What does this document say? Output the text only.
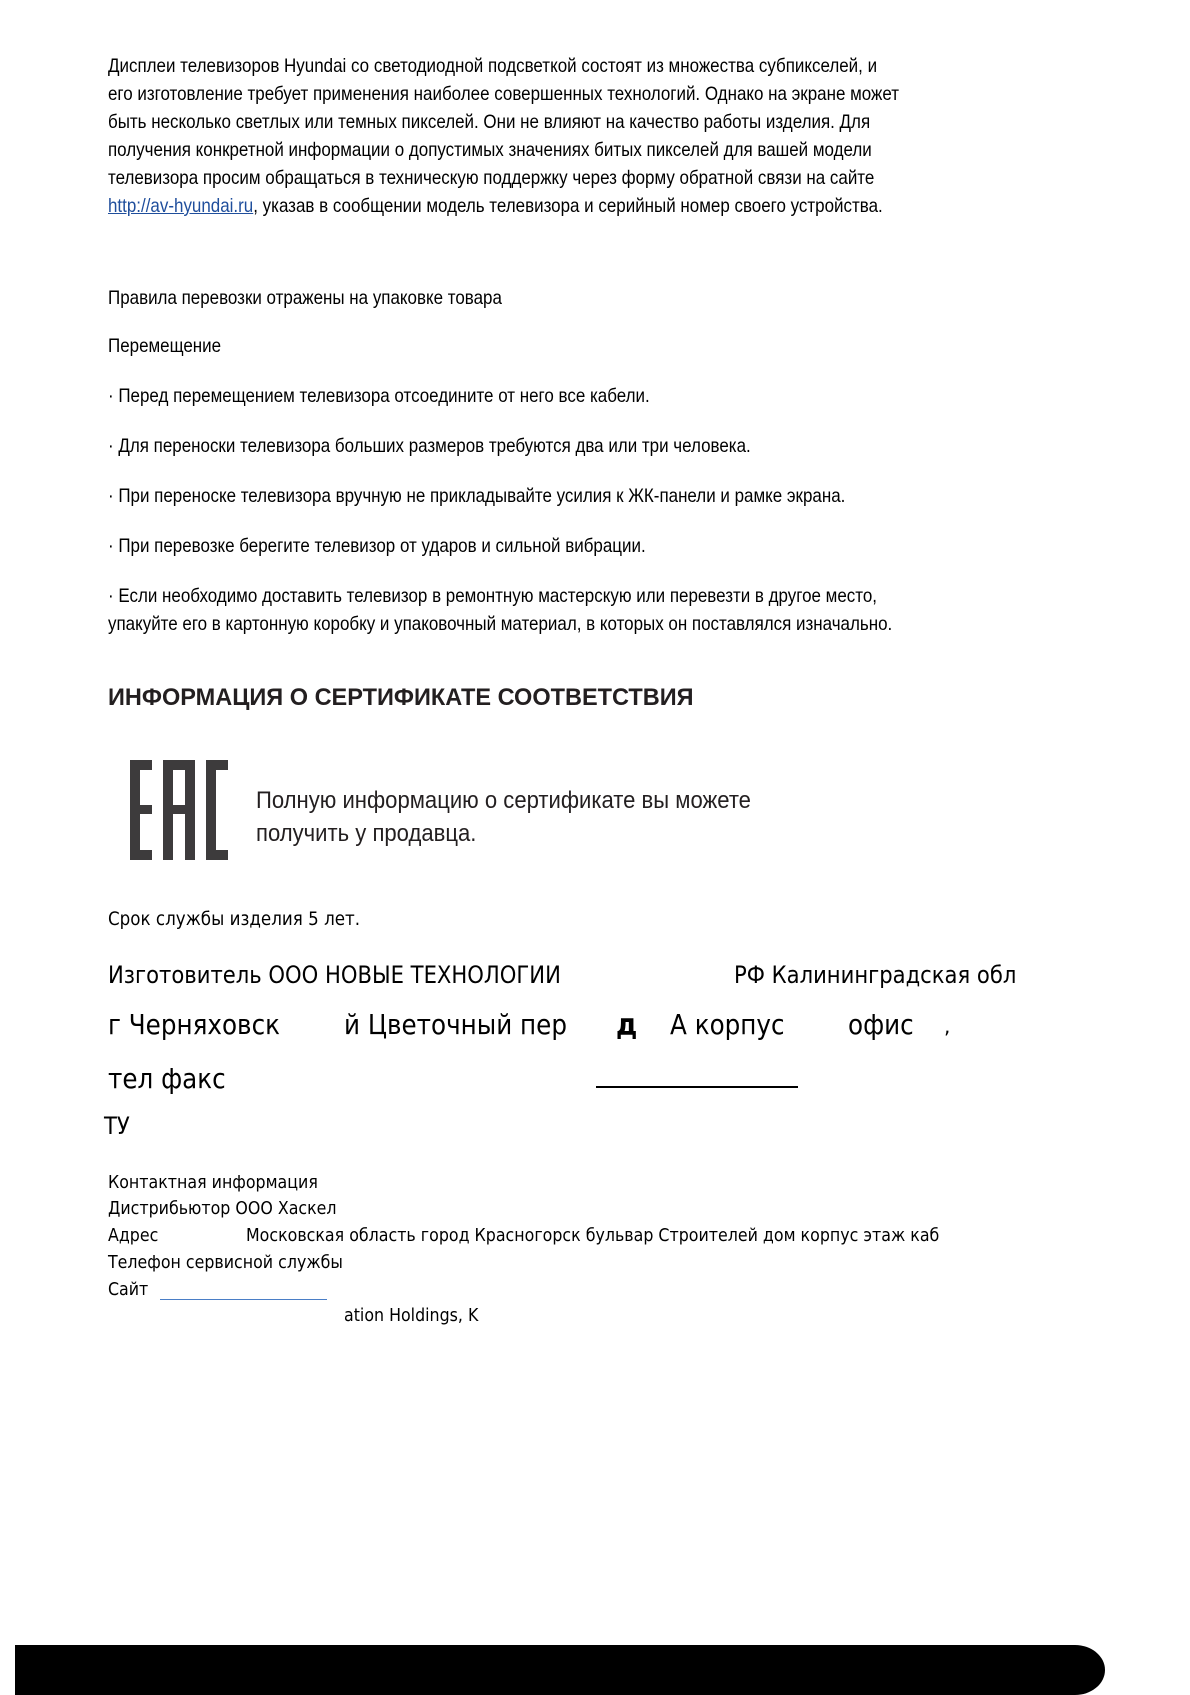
Дисплеи телевизоров Hyundai со светодиодной подсветкой состоят из множества субпикселей, и
его изготовление требует применения наиболее совершенных технологий. Однако на экране может
быть несколько светлых или темных пикселей. Они не влияют на качество работы изделия. Для
получения конкретной информации о допустимых значениях битых пикселей для вашей модели
телевизора просим обращаться в техническую поддержку через форму обратной связи на сайте
http://av-hyundai.ru, указав в сообщении модель телевизора и серийный номер своего устройства.
Правила перевозки отражены на упаковке товара
Перемещение
· Перед перемещением телевизора отсоедините от него все кабели.
· Для переноски телевизора больших размеров требуются два или три человека.
· При переноске телевизора вручную не прикладывайте усилия к ЖК-панели и рамке экрана.
· При перевозке берегите телевизор от ударов и сильной вибрации.
· Если необходимо доставить телевизор в ремонтную мастерскую или перевезти в другое место,
упакуйте его в картонную коробку и упаковочный материал, в которых он поставлялся изначально.
ИНФОРМАЦИЯ О СЕРТИФИКАТЕ СООТВЕТСТВИЯ
Полную информацию о сертификате вы можете
получить у продавца.
Срок службы изделия 5 лет.
Изготовитель ООО НОВЫЕ ТЕХНОЛОГИИ	РФ Калининградская обл
г Черняховск й Цветочный пер д А корпус офис ,
тел факс
ТУ
Контактная информация
Дистрибьютор ООО Хаскел
Адрес	Московская область город Красногорск бульвар Строителей дом корпус этаж каб
Телефон сервисной службы
Сайт
ation Holdings, K
